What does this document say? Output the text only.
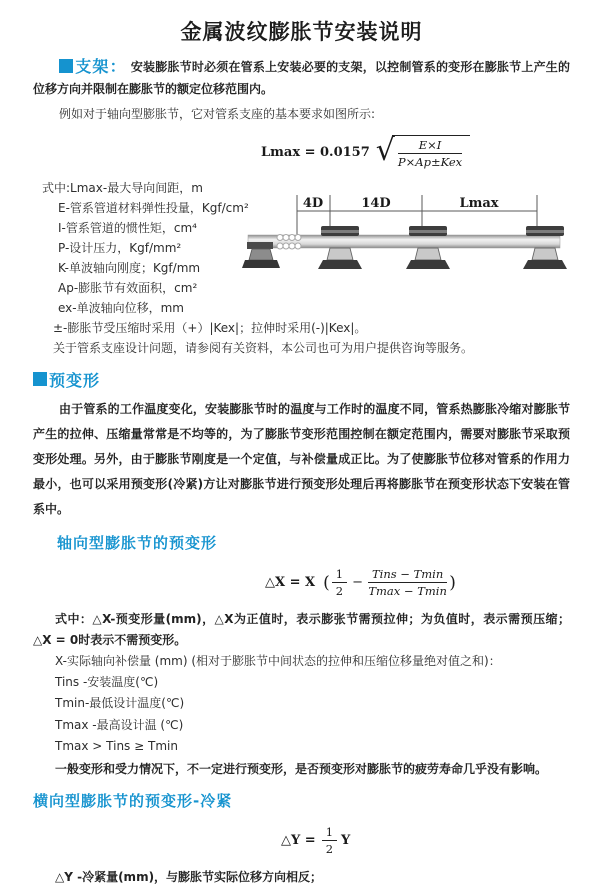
金属波纹膨胀节安装说明

支架： 安装膨胀节时必须在管系上安装必要的支架，以控制管系的变形在膨胀节上产生的位移方向并限制在膨胀节的额定位移范围内。

例如对于轴向型膨胀节，它对管系支座的基本要求如图所示:

Lmax = 0.0157 √ $\frac{E\times I}{\text{P×Ap±Kex}}$
式中:Lmax-最大导向间距，m
E-管系管道材料弹性投量，Kgf/cm²
I-管系管道的惯性矩，cm⁴
P-设计压力，Kgf/mm²
K-单波轴向刚度；Kgf/mm
Ap-膨胀节有效面积，cm²
ex-单波轴向位移，mm
±-膨胀节受压缩时采用（+）|Kex|；拉伸时采用(-)|Kex|。
关于管系支座设计问题，请参阅有关资料，本公司也可为用户提供咨询等服务。
预变形

由于管系的工作温度变化，安装膨胀节时的温度与工作时的温度不同，管系热膨胀冷缩对膨胀节产生的拉伸、压缩量常常是不均等的，为了膨胀节变形范围控制在额定范围内，需要对膨胀节采取预变形处理。另外，由于膨胀节刚度是一个定值，与补偿量成正比。为了使膨胀节位移对管系的作用力最小，也可以采用预变形(冷紧)方让对膨胀节进行预变形处理后再将膨胀节在预变形状态下安装在管系中。

轴向型膨胀节的预变形
△X = X ( $\frac{1}{2} - \frac{\text{Tins − Tmin}}{Tmax - Tmin}$ )

式中：△X-预变形量(mm)，△X为正值时，表示膨张节需预拉伸；为负值时，表示需预压缩；△X = 0时表示不需预变形。

X-实际轴向补偿量 (mm) (相对于膨胀节中间状态的拉伸和压缩位移量绝对值之和)：
Tins -安装温度(℃)
Tmin-最低设计温度(℃)
Tmax -最高设计温 (℃)
Tmax > Tins ≥ Tmin
一般变形和受力情况下，不一定进行预变形，是否预变形对膨胀节的疲劳寿命几乎没有影响。
横向型膨胀节的预变形-冷紧
△Y = $\frac{1}{2}$ Y
△Y -冷紧量(mm)，与膨胀节实际位移方向相反；
4D	14D	Lmax
